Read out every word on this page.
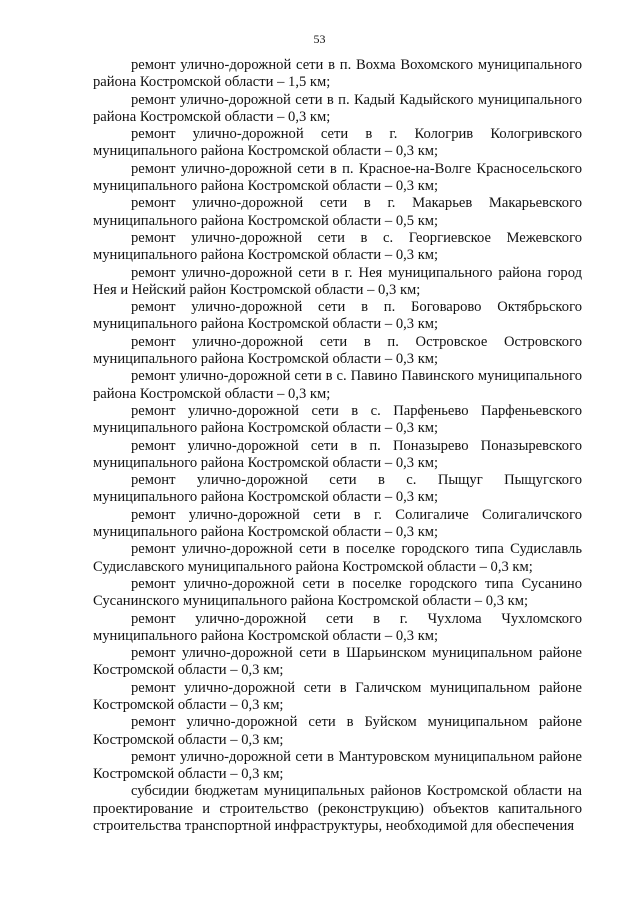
53

ремонт улично-дорожной сети в п. Вохма Вохомского муниципального района Костромской области – 1,5 км;

ремонт улично-дорожной сети в п. Кадый Кадыйского муниципального района Костромской области – 0,3 км;

ремонт улично-дорожной сети в г. Кологрив Кологривского муниципального района Костромской области – 0,3 км;

ремонт улично-дорожной сети в п. Красное-на-Волге Красносельского муниципального района Костромской области – 0,3 км;

ремонт улично-дорожной сети в г. Макарьев Макарьевского муниципального района Костромской области – 0,5 км;

ремонт улично-дорожной сети в с. Георгиевское Межевского муниципального района Костромской области – 0,3 км;

ремонт улично-дорожной сети в г. Нея муниципального района город Нея и Нейский район Костромской области – 0,3 км;

ремонт улично-дорожной сети в п. Боговарово Октябрьского муниципального района Костромской области – 0,3 км;

ремонт улично-дорожной сети в п. Островское Островского муниципального района Костромской области – 0,3 км;

ремонт улично-дорожной сети в с. Павино Павинского муниципального района Костромской области – 0,3 км;

ремонт улично-дорожной сети в с. Парфеньево Парфеньевского муниципального района Костромской области – 0,3 км;

ремонт улично-дорожной сети в п. Поназырево Поназыревского муниципального района Костромской области – 0,3 км;

ремонт улично-дорожной сети в с. Пыщуг Пыщугского муниципального района Костромской области – 0,3 км;

ремонт улично-дорожной сети в г. Солигаличе Солигаличского муниципального района Костромской области – 0,3 км;

ремонт улично-дорожной сети в поселке городского типа Судиславль Судиславского муниципального района Костромской области – 0,3 км;

ремонт улично-дорожной сети в поселке городского типа Сусанино Сусанинского муниципального района Костромской области – 0,3 км;

ремонт улично-дорожной сети в г. Чухлома Чухломского муниципального района Костромской области – 0,3 км;

ремонт улично-дорожной сети в Шарьинском муниципальном районе Костромской области – 0,3 км;

ремонт улично-дорожной сети в Галичском муниципальном районе Костромской области – 0,3 км;

ремонт улично-дорожной сети в Буйском муниципальном районе Костромской области – 0,3 км;

ремонт улично-дорожной сети в Мантуровском муниципальном районе Костромской области – 0,3 км;

субсидии бюджетам муниципальных районов Костромской области на проектирование и строительство (реконструкцию) объектов капитального строительства транспортной инфраструктуры, необходимой для обеспечения
